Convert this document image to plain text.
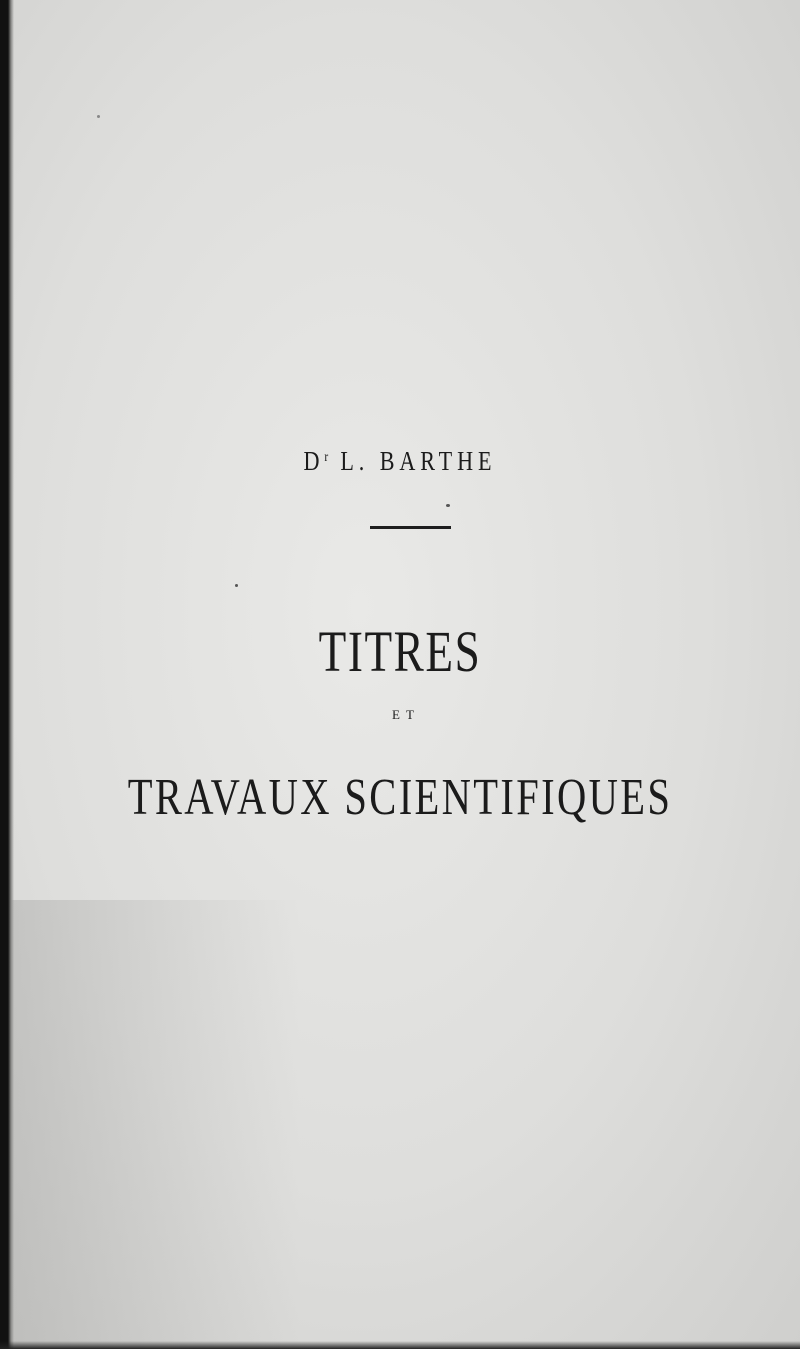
$D^r$ L. BARTHE
TITRES
ET
TRAVAUX SCIENTIFIQUES
